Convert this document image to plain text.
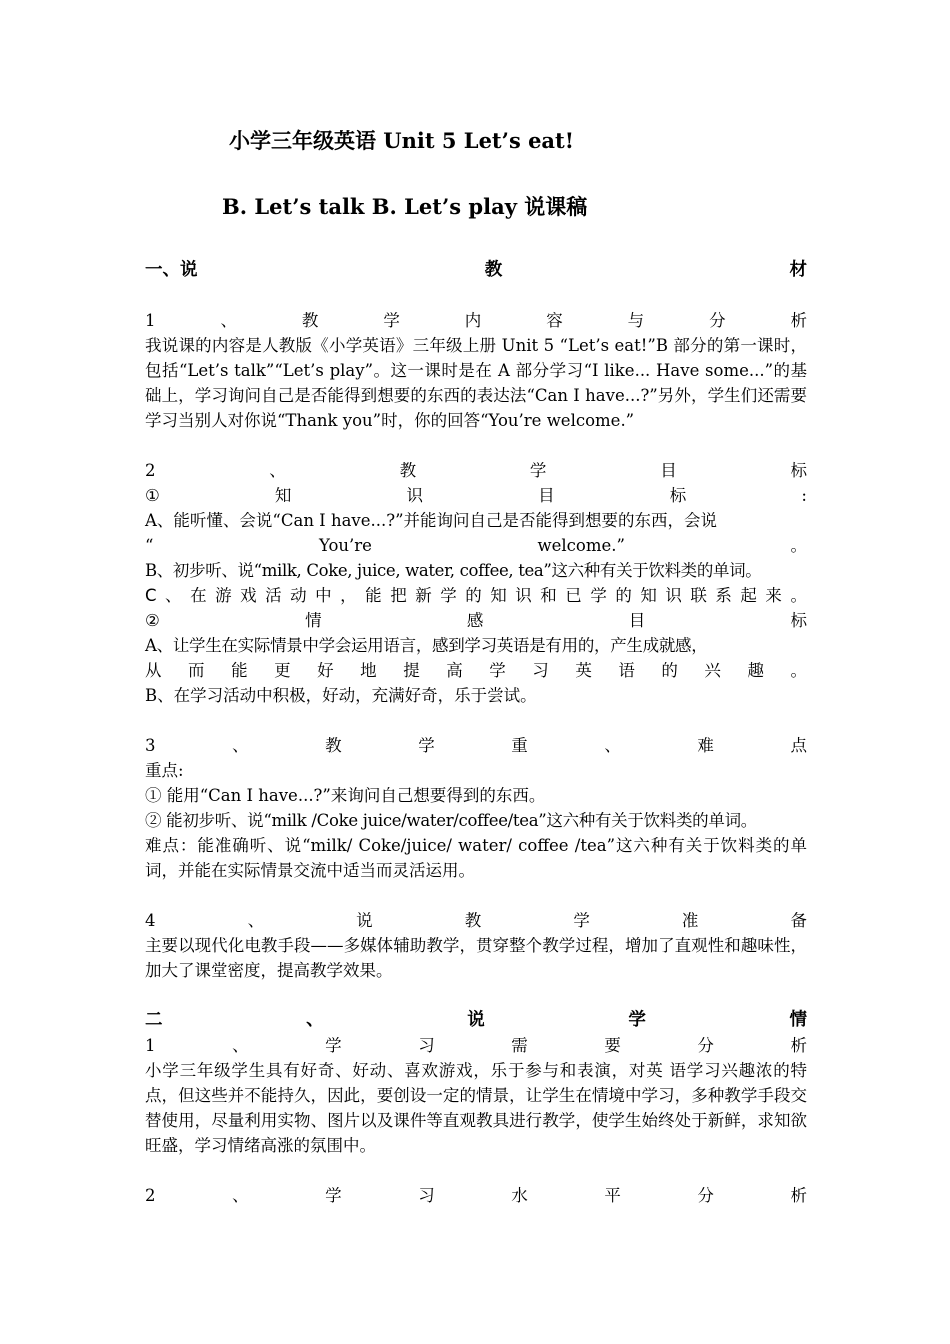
小学三年级英语 Unit 5 Let’s eat!
B. Let’s talk B. Let’s play 说课稿
一、说	教	材
1	、	教	学	内	容	与	分	析
我说课的内容是人教版《小学英语》三年级上册 Unit 5 “Let’s eat!”B 部分的第一课时，包括“Let’s talk”“Let’s play”。这一课时是在 A 部分学习“I like... Have some...”的基础上，学习询问自己是否能得到想要的东西的表达法“Can I have...?”另外，学生们还需要学习当别人对你说“Thank you”时，你的回答“You’re welcome.”
2	、	教	学	目	标
①	知	识	目	标	:
A、能听懂、会说“Can I have...?”并能询问自己是否能得到想要的东西，会说
“	You’re	welcome.”	。
B、初步听、说“milk, Coke, juice, water, coffee, tea”这六种有关于饮料类的单词。
C 、 在 游 戏 活 动 中 ， 能 把 新 学 的 知 识 和 已 学 的 知 识 联 系 起 来 。
②	情	感	目	标
A、让学生在实际情景中学会运用语言，感到学习英语是有用的，产生成就感，
从 而 能 更 好 地 提 高 学 习 英 语 的 兴 趣 。
B、在学习活动中积极，好动，充满好奇，乐于尝试。
3	、	教	学	重	、	难	点
重点:
① 能用“Can I have...?”来询问自己想要得到的东西。
② 能初步听、说“milk /Coke juice/water/coffee/tea”这六种有关于饮料类的单词。
难点：能准确听、说“milk/ Coke/juice/ water/ coffee /tea”这六种有关于饮料类的单词，并能在实际情景交流中适当而灵活运用。
4	、	说	教	学	准	备
主要以现代化电教手段——多媒体辅助教学，贯穿整个教学过程，增加了直观性和趣味性，加大了课堂密度，提高教学效果。
二	、	说	学	情
1	、	学	习	需	要	分	析
小学三年级学生具有好奇、好动、喜欢游戏，乐于参与和表演，对英 语学习兴趣浓的特点，但这些并不能持久，因此，要创设一定的情景，让学生在情境中学习，多种教学手段交替使用，尽量利用实物、图片以及课件等直观教具进行教学，使学生始终处于新鲜，求知欲旺盛，学习情绪高涨的氛围中。
2	、	学	习	水	平	分	析
